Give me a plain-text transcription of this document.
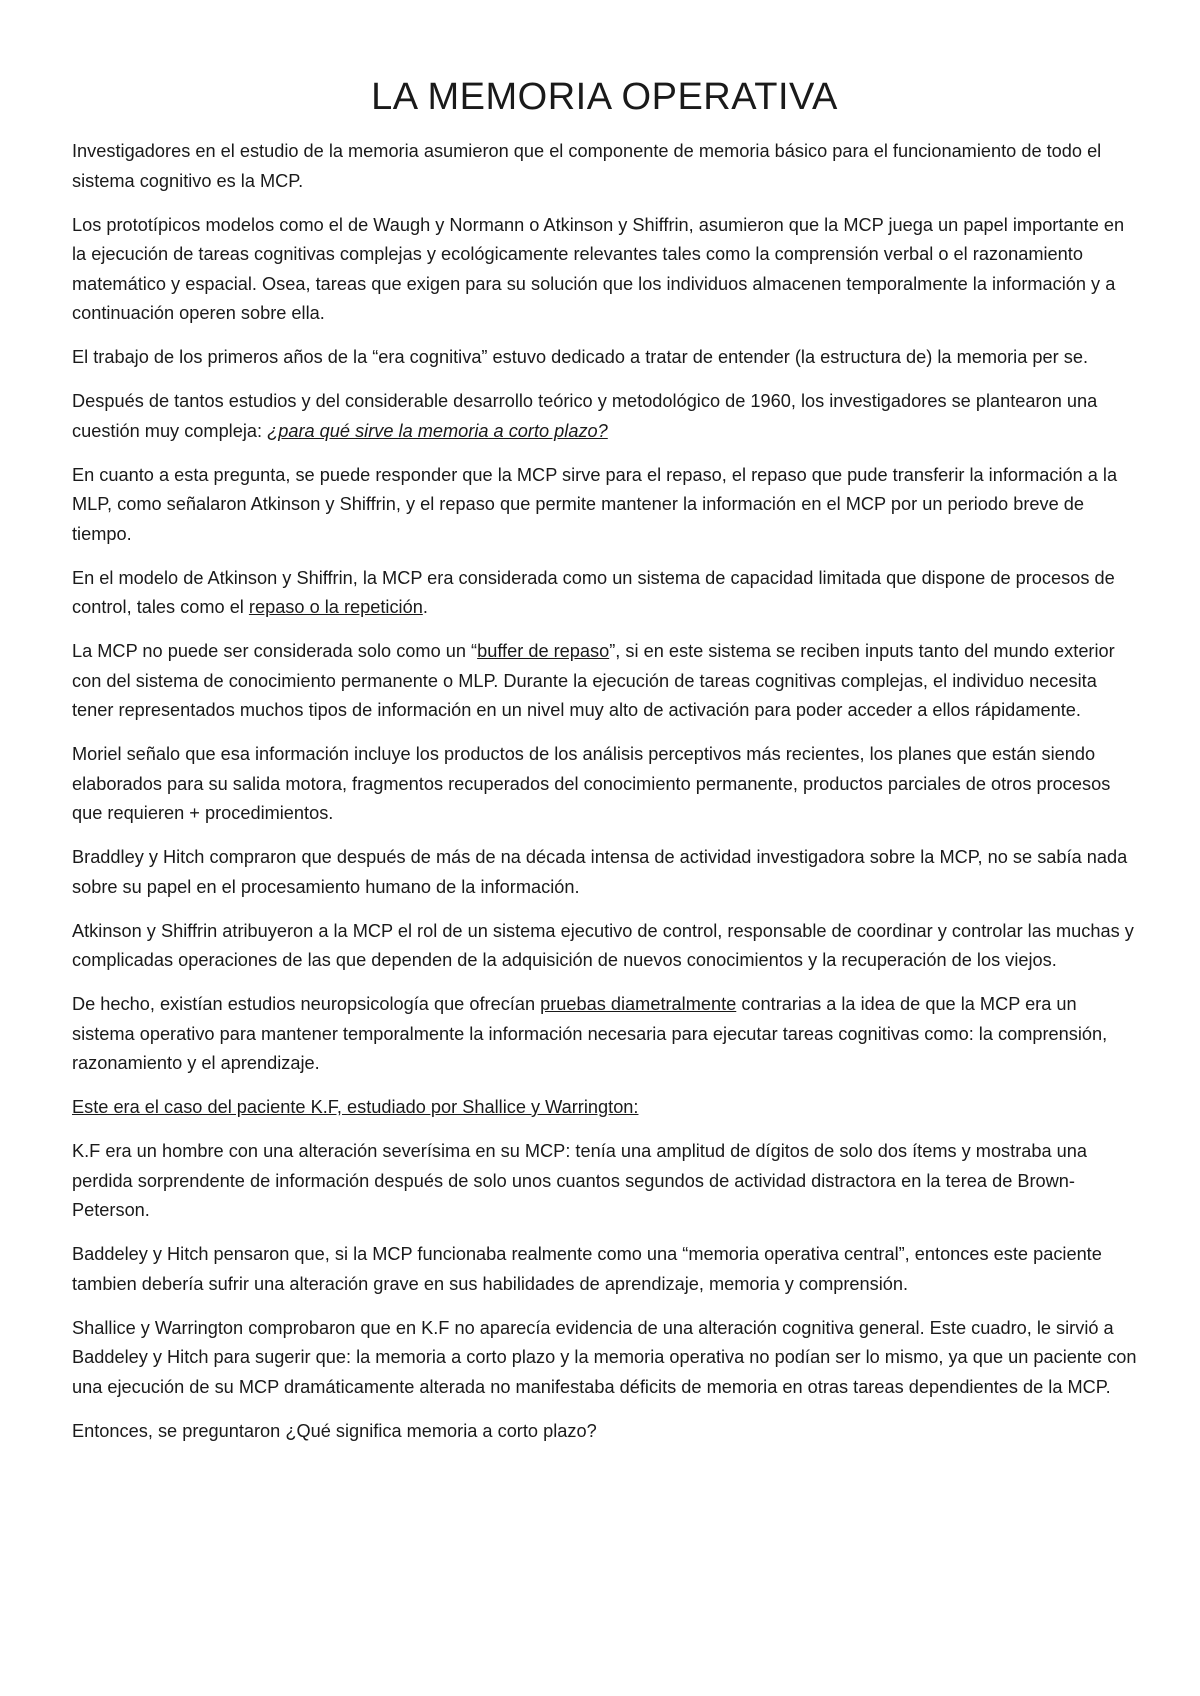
LA MEMORIA OPERATIVA

Investigadores en el estudio de la memoria asumieron que el componente de memoria básico para el funcionamiento de todo el sistema cognitivo es la MCP.

Los prototípicos modelos como el de Waugh y Normann o Atkinson y Shiffrin, asumieron que la MCP juega un papel importante en la ejecución de tareas cognitivas complejas y ecológicamente relevantes tales como la comprensión verbal o el razonamiento matemático y espacial. Osea, tareas que exigen para su solución que los individuos almacenen temporalmente la información y a continuación operen sobre ella.

El trabajo de los primeros años de la “era cognitiva” estuvo dedicado a tratar de entender (la estructura de) la memoria per se.

Después de tantos estudios y del considerable desarrollo teórico y metodológico de 1960, los investigadores se plantearon una cuestión muy compleja: ¿para qué sirve la memoria a corto plazo?

En cuanto a esta pregunta, se puede responder que la MCP sirve para el repaso, el repaso que pude transferir la información a la MLP, como señalaron Atkinson y Shiffrin, y el repaso que permite mantener la información en el MCP por un periodo breve de tiempo.

En el modelo de Atkinson y Shiffrin, la MCP era considerada como un sistema de capacidad limitada que dispone de procesos de control, tales como el repaso o la repetición.

La MCP no puede ser considerada solo como un “buffer de repaso”, si en este sistema se reciben inputs tanto del mundo exterior con del sistema de conocimiento permanente o MLP. Durante la ejecución de tareas cognitivas complejas, el individuo necesita tener representados muchos tipos de información en un nivel muy alto de activación para poder acceder a ellos rápidamente.

Moriel señalo que esa información incluye los productos de los análisis perceptivos más recientes, los planes que están siendo elaborados para su salida motora, fragmentos recuperados del conocimiento permanente, productos parciales de otros procesos que requieren + procedimientos.

Braddley y Hitch compraron que después de más de na década intensa de actividad investigadora sobre la MCP, no se sabía nada sobre su papel en el procesamiento humano de la información.

Atkinson y Shiffrin atribuyeron a la MCP el rol de un sistema ejecutivo de control, responsable de coordinar y controlar las muchas y complicadas operaciones de las que dependen de la adquisición de nuevos conocimientos y la recuperación de los viejos.

De hecho, existían estudios neuropsicología que ofrecían pruebas diametralmente contrarias a la idea de que la MCP era un sistema operativo para mantener temporalmente la información necesaria para ejecutar tareas cognitivas como: la comprensión, razonamiento y el aprendizaje.

Este era el caso del paciente K.F, estudiado por Shallice y Warrington:

K.F era un hombre con una alteración severísima en su MCP: tenía una amplitud de dígitos de solo dos ítems y mostraba una perdida sorprendente de información después de solo unos cuantos segundos de actividad distractora en la terea de Brown-Peterson.

Baddeley y Hitch pensaron que, si la MCP funcionaba realmente como una “memoria operativa central”, entonces este paciente tambien debería sufrir una alteración grave en sus habilidades de aprendizaje, memoria y comprensión.

Shallice y Warrington comprobaron que en K.F no aparecía evidencia de una alteración cognitiva general. Este cuadro, le sirvió a Baddeley y Hitch para sugerir que: la memoria a corto plazo y la memoria operativa no podían ser lo mismo, ya que un paciente con una ejecución de su MCP dramáticamente alterada no manifestaba déficits de memoria en otras tareas dependientes de la MCP.

Entonces, se preguntaron ¿Qué significa memoria a corto plazo?
